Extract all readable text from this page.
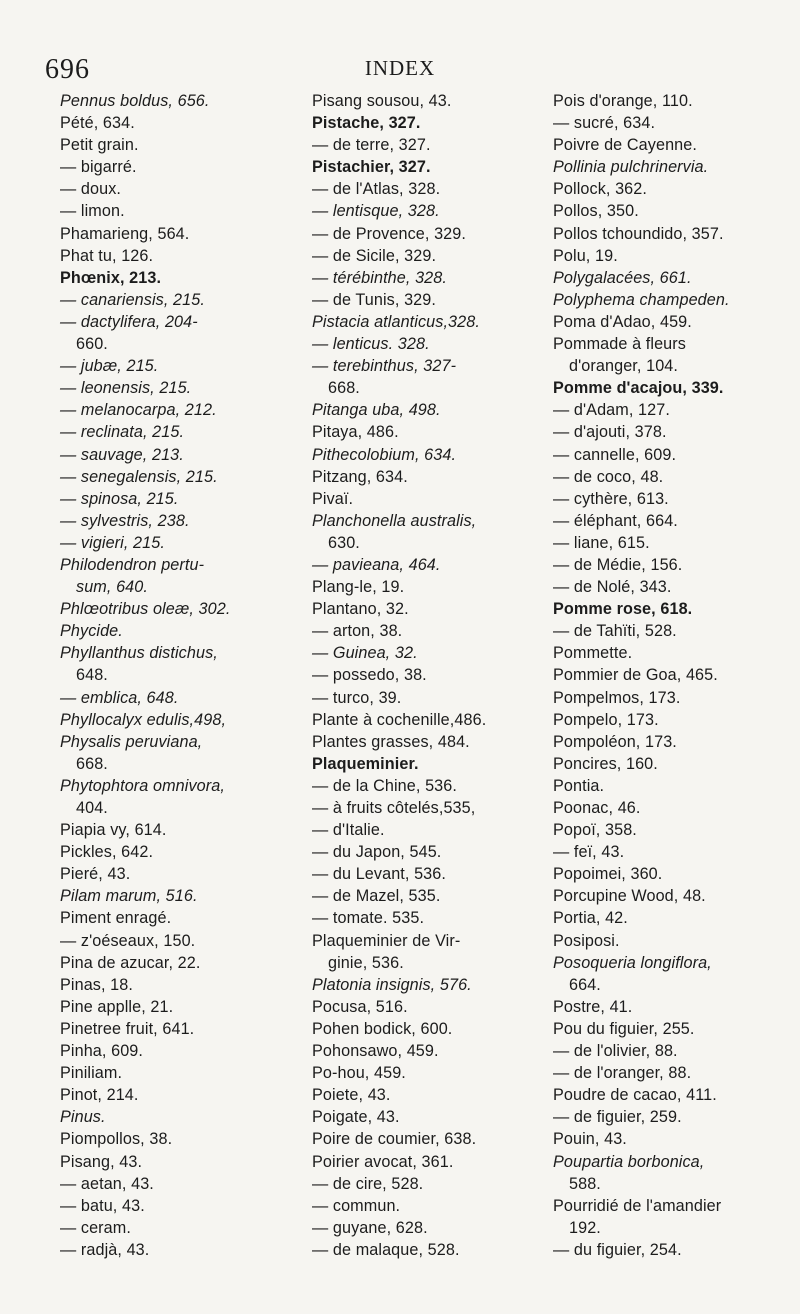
696	INDEX
Pennus boldus, 656.
Pété, 634.
Petit grain.
— bigarré.
— doux.
— limon.
Phamarieng, 564.
Phat tu, 126.
Phœnix, 213.
— canariensis, 215.
— dactylifera, 204-
660.
— jubæ, 215.
— leonensis, 215.
— melanocarpa, 212.
— reclinata, 215.
— sauvage, 213.
— senegalensis, 215.
— spinosa, 215.
— sylvestris, 238.
— vigieri, 215.
Philodendron pertu-
sum, 640.
Phlœotribus oleæ, 302.
Phycide.
Phyllanthus distichus,
648.
— emblica, 648.
Phyllocalyx edulis,498,
Physalis peruviana,
668.
Phytophtora omnivora,
404.
Piapia vy, 614.
Pickles, 642.
Pieré, 43.
Pilam marum, 516.
Piment enragé.
— z'oéseaux, 150.
Pina de azucar, 22.
Pinas, 18.
Pine applle, 21.
Pinetree fruit, 641.
Pinha, 609.
Piniliam.
Pinot, 214.
Pinus.
Piompollos, 38.
Pisang, 43.
— aetan, 43.
— batu, 43.
— ceram.
— radjà, 43.
Pisang sousou, 43.
Pistache, 327.
— de terre, 327.
Pistachier, 327.
— de l'Atlas, 328.
— lentisque, 328.
— de Provence, 329.
— de Sicile, 329.
— térébinthe, 328.
— de Tunis, 329.
Pistacia atlanticus,328.
— lenticus. 328.
— terebinthus, 327-
668.
Pitanga uba, 498.
Pitaya, 486.
Pithecolobium, 634.
Pitzang, 634.
Pivaï.
Planchonella australis,
630.
— pavieana, 464.
Plang-le, 19.
Plantano, 32.
— arton, 38.
— Guinea, 32.
— possedo, 38.
— turco, 39.
Plante à cochenille,486.
Plantes grasses, 484.
Plaqueminier.
— de la Chine, 536.
— à fruits côtelés,535,
— d'Italie.
— du Japon, 545.
— du Levant, 536.
— de Mazel, 535.
— tomate. 535.
Plaqueminier de Vir-
ginie, 536.
Platonia insignis, 576.
Pocusa, 516.
Pohen bodick, 600.
Pohonsawo, 459.
Po-hou, 459.
Poiete, 43.
Poigate, 43.
Poire de coumier, 638.
Poirier avocat, 361.
— de cire, 528.
— commun.
— guyane, 628.
— de malaque, 528.
Pois d'orange, 110.
— sucré, 634.
Poivre de Cayenne.
Pollinia pulchrinervia.
Pollock, 362.
Pollos, 350.
Pollos tchoundido, 357.
Polu, 19.
Polygalacées, 661.
Polyphema champeden.
Poma d'Adao, 459.
Pommade à fleurs
d'oranger, 104.
Pomme d'acajou, 339.
— d'Adam, 127.
— d'ajouti, 378.
— cannelle, 609.
— de coco, 48.
— cythère, 613.
— éléphant, 664.
— liane, 615.
— de Médie, 156.
— de Nolé, 343.
Pomme rose, 618.
— de Tahïti, 528.
Pommette.
Pommier de Goa, 465.
Pompelmos, 173.
Pompelo, 173.
Pompoléon, 173.
Poncires, 160.
Pontia.
Poonac, 46.
Popoï, 358.
— feï, 43.
Popoimei, 360.
Porcupine Wood, 48.
Portia, 42.
Posiposi.
Posoqueria longiflora,
664.
Postre, 41.
Pou du figuier, 255.
— de l'olivier, 88.
— de l'oranger, 88.
Poudre de cacao, 411.
— de figuier, 259.
Pouin, 43.
Poupartia borbonica,
588.
Pourridié de l'amandier
192.
— du figuier, 254.
